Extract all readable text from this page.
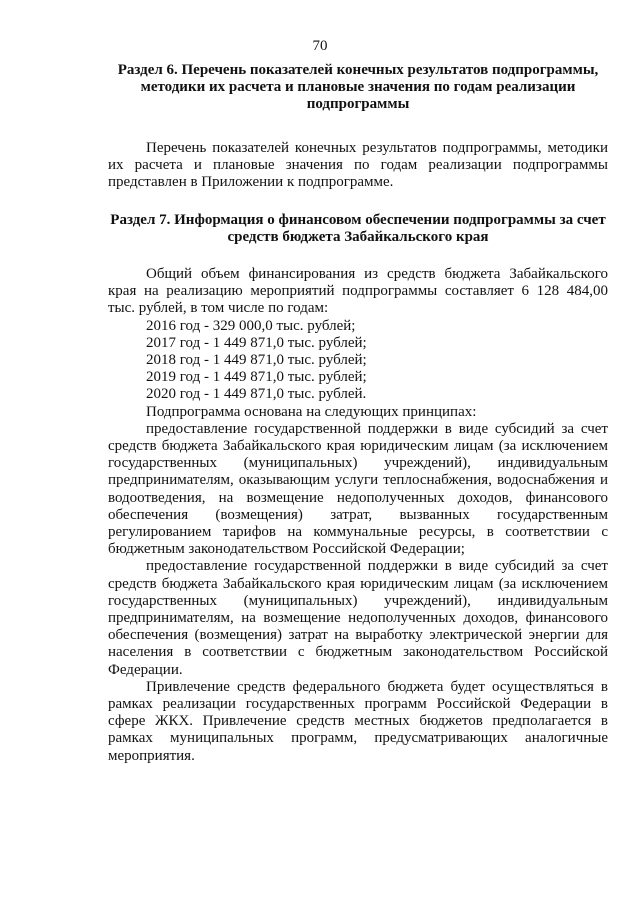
70
Раздел 6. Перечень показателей конечных результатов подпрограммы,
методики их расчета и плановые значения по годам реализации
подпрограммы
Перечень показателей конечных результатов подпрограммы, методики
их расчета и плановые значения по годам реализации подпрограммы
представлен в Приложении к подпрограмме.
Раздел 7. Информация о финансовом обеспечении подпрограммы за счет
средств бюджета Забайкальского края
Общий объем финансирования из средств бюджета Забайкальского
края на реализацию мероприятий подпрограммы составляет 6 128 484,00
тыс. рублей, в том числе по годам:
2016 год - 329 000,0 тыс. рублей;
2017 год - 1 449 871,0 тыс. рублей;
2018 год - 1 449 871,0 тыс. рублей;
2019 год - 1 449 871,0 тыс. рублей;
2020 год - 1 449 871,0 тыс. рублей.
Подпрограмма основана на следующих принципах:
предоставление государственной поддержки в виде субсидий за счет
средств бюджета Забайкальского края юридическим лицам (за исключением
государственных (муниципальных) учреждений), индивидуальным
предпринимателям, оказывающим услуги теплоснабжения, водоснабжения и
водоотведения, на возмещение недополученных доходов, финансового
обеспечения (возмещения) затрат, вызванных государственным
регулированием тарифов на коммунальные ресурсы, в соответствии с
бюджетным законодательством Российской Федерации;
предоставление государственной поддержки в виде субсидий за счет
средств бюджета Забайкальского края юридическим лицам (за исключением
государственных (муниципальных) учреждений), индивидуальным
предпринимателям, на возмещение недополученных доходов, финансового
обеспечения (возмещения) затрат на выработку электрической энергии для
населения в соответствии с бюджетным законодательством Российской
Федерации.
Привлечение средств федерального бюджета будет осуществляться в
рамках реализации государственных программ Российской Федерации в
сфере ЖКХ. Привлечение средств местных бюджетов предполагается в
рамках муниципальных программ, предусматривающих аналогичные
мероприятия.
